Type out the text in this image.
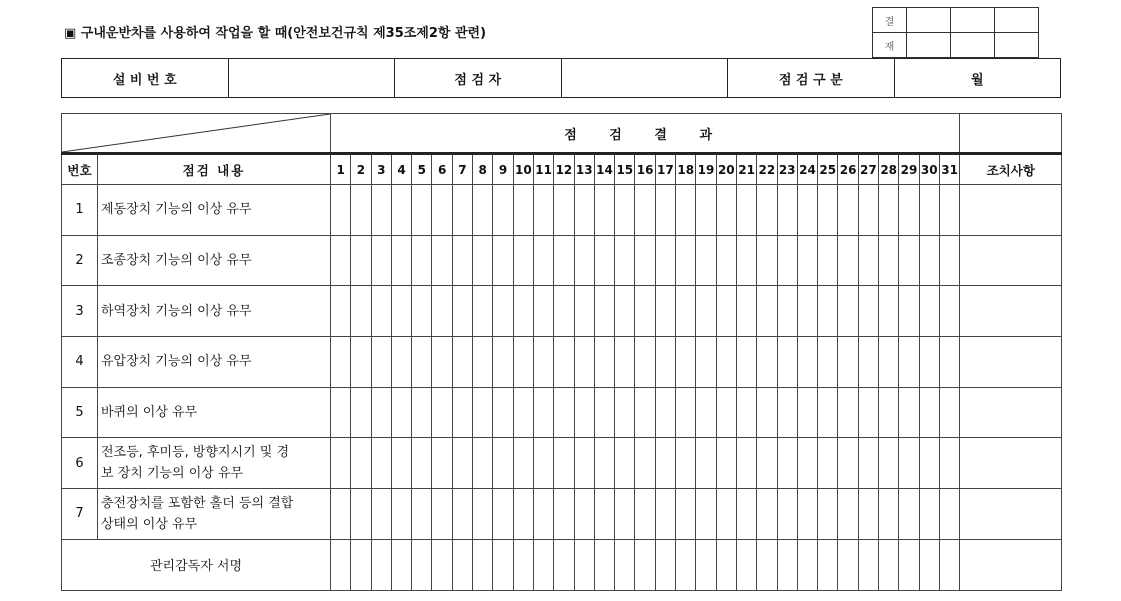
▣ 구내운반차를 사용하여 작업을 할 때(안전보건규칙 제35조제2항 관련)
결			
재			
설 비 번 호		점 검 자		점 검 구 분	월
	점 검 결 과																															
번호	점검 내용	1	2	3	4	5	6	7	8	9	10	11	12	13	14	15	16	17	18	19	20	21	22	23	24	25	26	27	28	29	30	31	조치사항
1	제동장치 기능의 이상 유무																																
2	조종장치 기능의 이상 유무																																
3	하역장치 기능의 이상 유무																																
4	유압장치 기능의 이상 유무																																
5	바퀴의 이상 유무																																
6	전조등, 후미등, 방향지시기 및 경보 장치 기능의 이상 유무																																
7	충전장치를 포함한 홀더 등의 결합상태의 이상 유무																																
관리감독자 서명																																	
